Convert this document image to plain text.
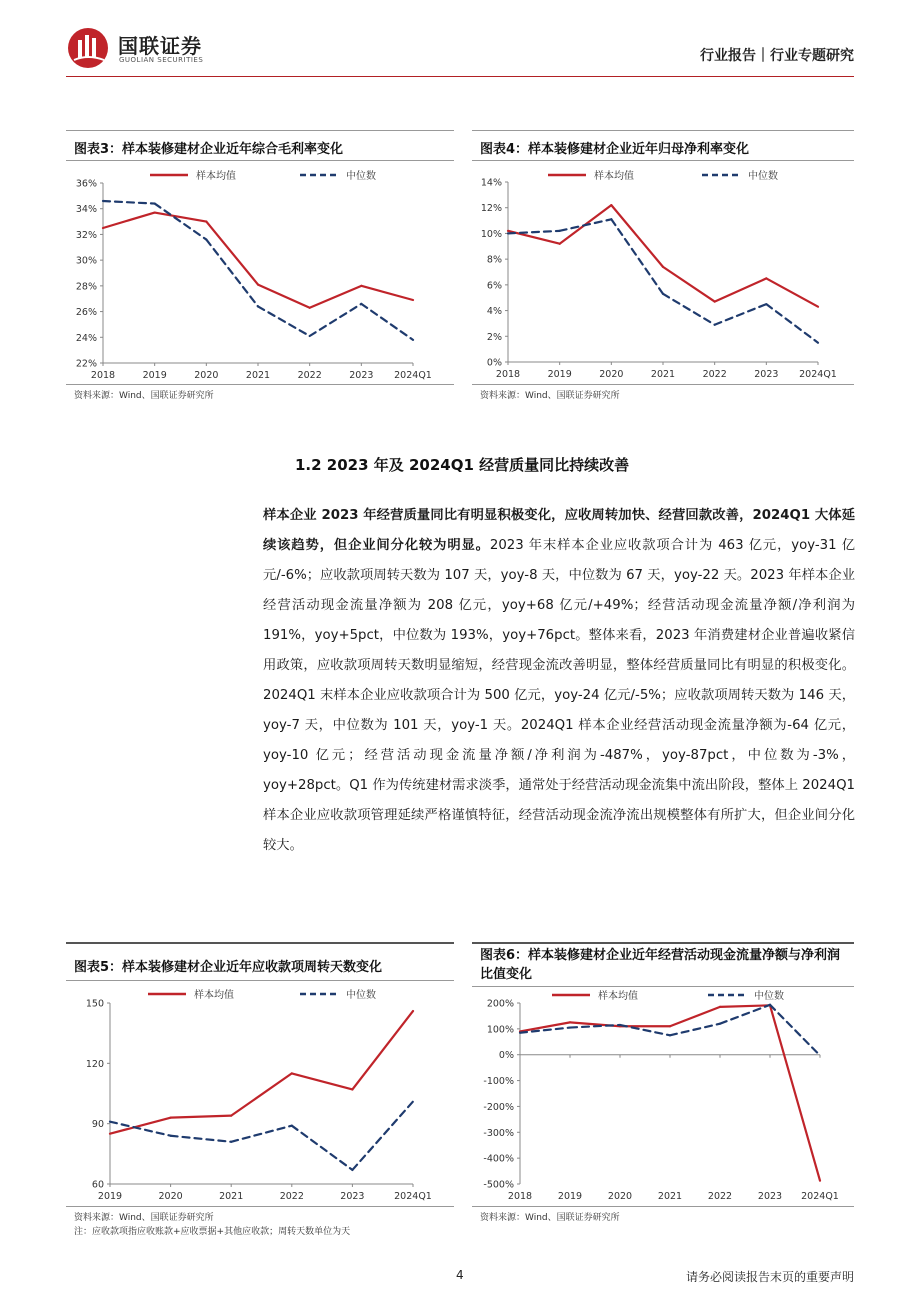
国联证券
GUOLIAN SECURITIES	行业报告｜行业专题研究
图表3：样本装修建材企业近年综合毛利率变化
22%
24%
26%
28%
30%
32%
34%
36%
2018	2019	2020	2021	2022	2023 2024Q1
样本均值	中位数
资料来源：Wind、国联证券研究所
图表4：样本装修建材企业近年归母净利率变化
0%
2%
4%
6%
8%
10%
12%
14%
2018	2019	2020	2021	2022	2023 2024Q1
样本均值	中位数
资料来源：Wind、国联证券研究所
1.2 2023 年及 2024Q1 经营质量同比持续改善
样本企业 2023 年经营质量同比有明显积极变化，应收周转加快、经营回款改善，2024Q1 大体延续该趋势，但企业间分化较为明显。2023 年末样本企业应收款项合计为 463 亿元，yoy-31 亿元/-6%；应收款项周转天数为 107 天，yoy-8 天，中位数为 67 天，yoy-22 天。2023 年样本企业经营活动现金流量净额为 208 亿元，yoy+68 亿元/+49%；经营活动现金流量净额/净利润为 191%，yoy+5pct，中位数为 193%，yoy+76pct。整体来看，2023 年消费建材企业普遍收紧信用政策，应收款项周转天数明显缩短，经营现金流改善明显，整体经营质量同比有明显的积极变化。2024Q1 末样本企业应收款项合计为 500 亿元，yoy-24 亿元/-5%；应收款项周转天数为 146 天，yoy-7 天，中位数为 101 天，yoy-1 天。2024Q1 样本企业经营活动现金流量净额为-64 亿元，yoy-10 亿元；经营活动现金流量净额/净利润为-487%，yoy-87pct，中位数为-3%，yoy+28pct。Q1 作为传统建材需求淡季，通常处于经营活动现金流集中流出阶段，整体上 2024Q1 样本企业应收款项管理延续严格谨慎特征，经营活动现金流净流出规模整体有所扩大，但企业间分化较大。
图表5：样本装修建材企业近年应收款项周转天数变化
60
90
120
150
2019	2020	2021	2022	2023	2024Q1
样本均值	中位数
资料来源：Wind、国联证券研究所
注：应收款项指应收账款+应收票据+其他应收款；周转天数单位为天
图表6：样本装修建材企业近年经营活动现金流量净额与净利润比值变化
-500%
-400%
-300%
-200%
-100%
0%
100%
200%
2018	2019	2020	2021	2022	2023 2024Q1
样本均值	中位数
资料来源：Wind、国联证券研究所
4	请务必阅读报告末页的重要声明
